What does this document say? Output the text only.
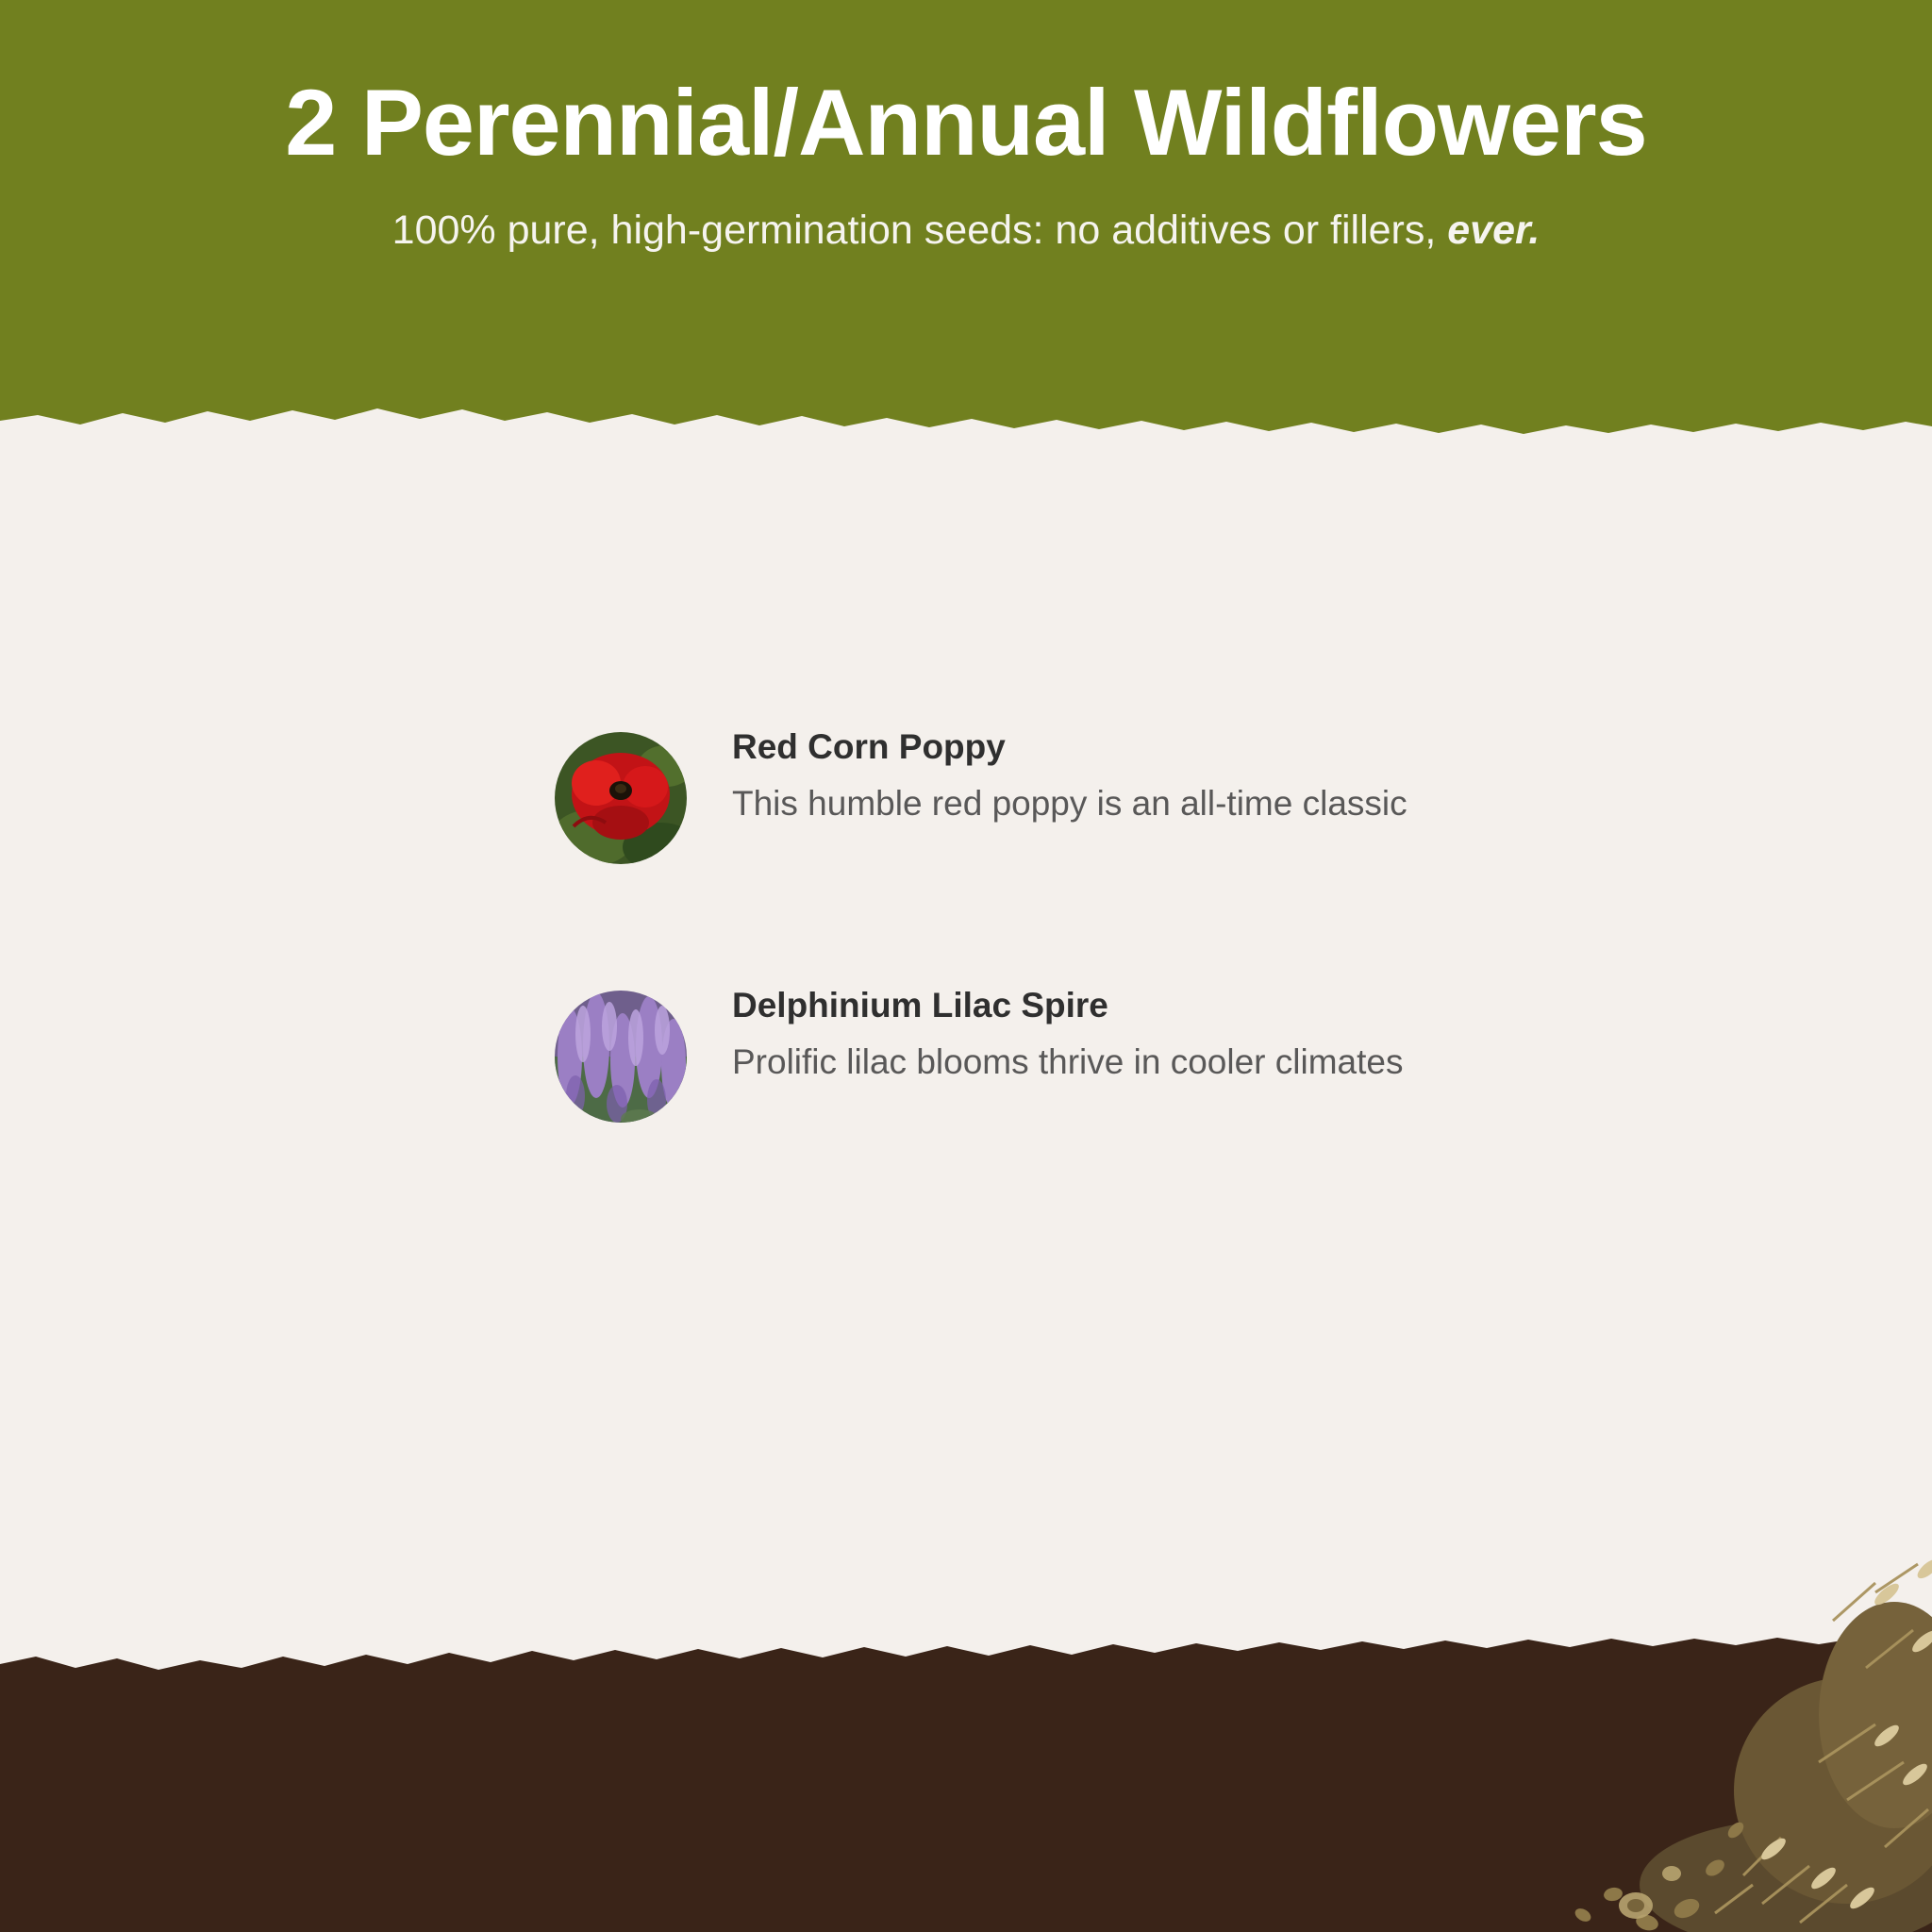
2 Perennial/Annual Wildflowers

100% pure, high-germination seeds: no additives or fillers, ever.

Red Corn Poppy
This humble red poppy is an all-time classic
Delphinium Lilac Spire
Prolific lilac blooms thrive in cooler climates
